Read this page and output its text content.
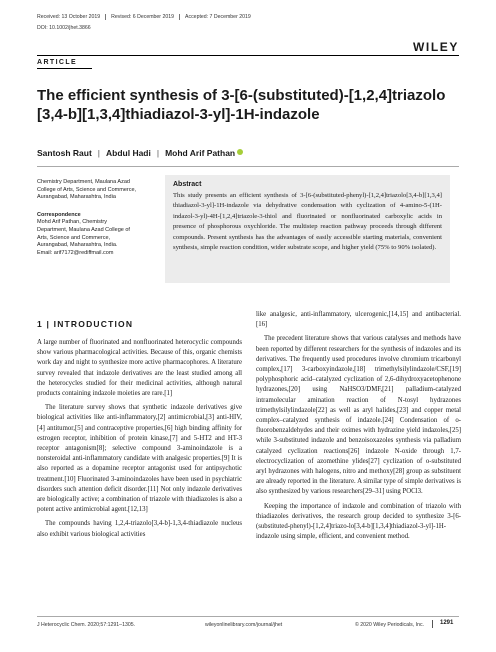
Received: 13 October 2019	Revised: 6 December 2019	Accepted: 7 December 2019
DOI: 10.1002/jhet.3866
WILEY
ARTICLE
The efficient synthesis of 3-[6-(substituted)-[1,2,4]triazolo
[3,4-b][1,3,4]thiadiazol-3-yl]-1H-indazole
Santosh Raut | Abdul Hadi | Mohd Arif Pathan
Chemistry Department, Maulana Azad
College of Arts, Science and Commerce,
Aurangabad, Maharashtra, India
Correspondence
Mohd Arif Pathan, Chemistry
Department, Maulana Azad College of
Arts, Science and Commerce,
Aurangabad, Maharashtra, India.
Email: arif7172@rediffmail.com
Abstract
This study presents an efficient synthesis of 3-[6-(substituted-phenyl)-[1,2,4]triazolo[3,4-b][1,3,4] thiadiazol-3-yl]-1H-indazole via dehydrative condensation with cyclization of 4-amino-5-(1H-indazol-3-yl)-4H-[1,2,4]triazole-3-thiol and fluorinated or nonfluorinated carboxylic acids in presence of phosphorous oxychloride. The multistep reaction pathway proceeds through different compounds. Present synthesis has the advantages of easily accessible starting materials, convenient synthesis, simple reaction condition, wider substrate scope, and higher yield (75% to 90% isolated).
1 | INTRODUCTION

A large number of fluorinated and nonfluorinated heterocyclic compounds show various pharmacological activities. Because of this, organic chemists work day and night to synthesize more active pharmacophores. A literature survey revealed that indazole derivatives are the least studied among all the heterocycles studied for their medicinal activities, although natural products containing indazole moieties are rare.[1]

The literature survey shows that synthetic indazole derivatives give biological activities like anti-inflammatory,[2] antimicrobial,[3] anti-HIV,[4] antitumor,[5] and contraceptive properties,[6] high binding affinity for estrogen receptor, inhibition of protein kinase,[7] and 5-HT2 and HT-3 receptor antagonism[8]; selective compound 3-aminoindazole is a nonsteroidal anti-inflammatory candidate with analgesic properties.[9] It is also reported as a dopamine receptor antagonist used for antipsychotic treatment.[10] Fluorinated 3-aminoindazoles have been used in psychiatric disorders such attention deficit disorder.[11] Not only indazole derivatives are biologically active; a combination of triazole with thiadiazoles is also a potent active antimicrobial agent.[12,13]

The compounds having 1,2,4-triazolo[3,4-b]-1,3,4-thiadiazole nucleus also exhibit various biological activities

like analgesic, anti-inflammatory, ulcerogenic,[14,15] and antibacterial.[16]

The precedent literature shows that various catalyses and methods have been reported by different researchers for the synthesis of indazoles and its derivatives. The frequently used procedures involve chromium tricarbonyl complex,[17] 3-carboxyindazole,[18] trimethylsilylindazole/CSF,[19] polyphosphoric acid–catalyzed cyclization of 2,6-dihydroxyacetophenone hydrazones,[20] using NaHSO3/DMF,[21] palladium-catalyzed intramolecular amination reaction of N-tosyl hydrazones trimethylsilylindazole[22] as well as aryl halides,[23] and copper metal complex–catalyzed synthesis of indazole.[24] Condensation of o-fluorobenzaldehydes and their oximes with hydrazine yield indazoles,[25] while 3-substituted indazole and benzoisoxazoles synthesis via palladium catalyzed cyclization reactions[26] indazole N-oxide through 1,7-electrocyclization of azomethine ylides[27] cyclization of o-substituted aryl hydrazones with halogens, nitro and methoxy[28] group as substituent are already reported in the literature. A similar type of simple derivatives is also synthesized by various researchers[29–31] using POCl3.

Keeping the importance of indazole and combination of triazolo with thiadiazoles derivatives, the research group decided to synthesize 3-[6-(substituted-phenyl)-[1,2,4]triazo-lo[3,4-b][1,3,4]thiadiazol-3-yl]-1H-indazole using simple, efficient, and convenient method.

J Heterocyclic Chem. 2020;57:1291–1305.	wileyonlinelibrary.com/journal/jhet	© 2020 Wiley Periodicals, Inc.	1291
